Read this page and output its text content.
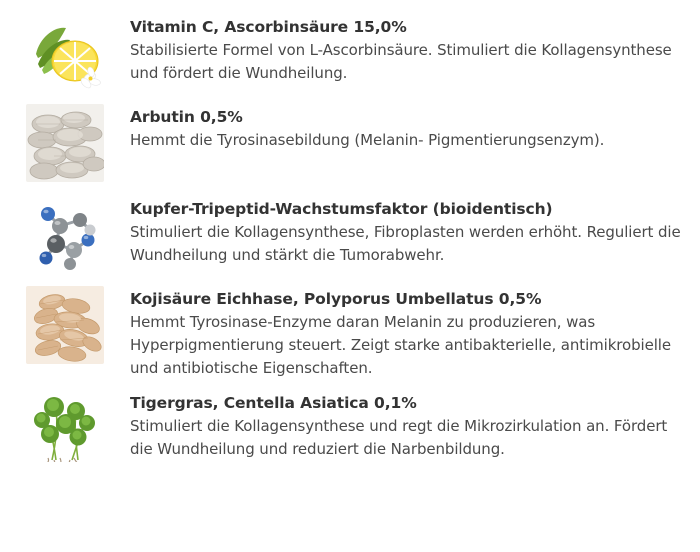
Vitamin C, Ascorbinsäure 15,0%

Stabilisierte Formel von L-Ascorbinsäure. Stimuliert die Kollagensynthese und fördert die Wundheilung.

Arbutin 0,5%

Hemmt die Tyrosinasebildung (Melanin- Pigmentierungsenzym).

Kupfer-Tripeptid-Wachstumsfaktor (bioidentisch)

Stimuliert die Kollagensynthese, Fibroplasten werden erhöht. Reguliert die Wundheilung und stärkt die Tumorabwehr.

Kojisäure Eichhase, Polyporus Umbellatus 0,5%

Hemmt Tyrosinase-Enzyme daran Melanin zu produzieren, was Hyperpigmentierung steuert. Zeigt starke antibakterielle, antimikrobielle und antibiotische Eigenschaften.

Tigergras, Centella Asiatica 0,1%

Stimuliert die Kollagensynthese und regt die Mikrozirkulation an. Fördert die Wundheilung und reduziert die Narbenbildung.
